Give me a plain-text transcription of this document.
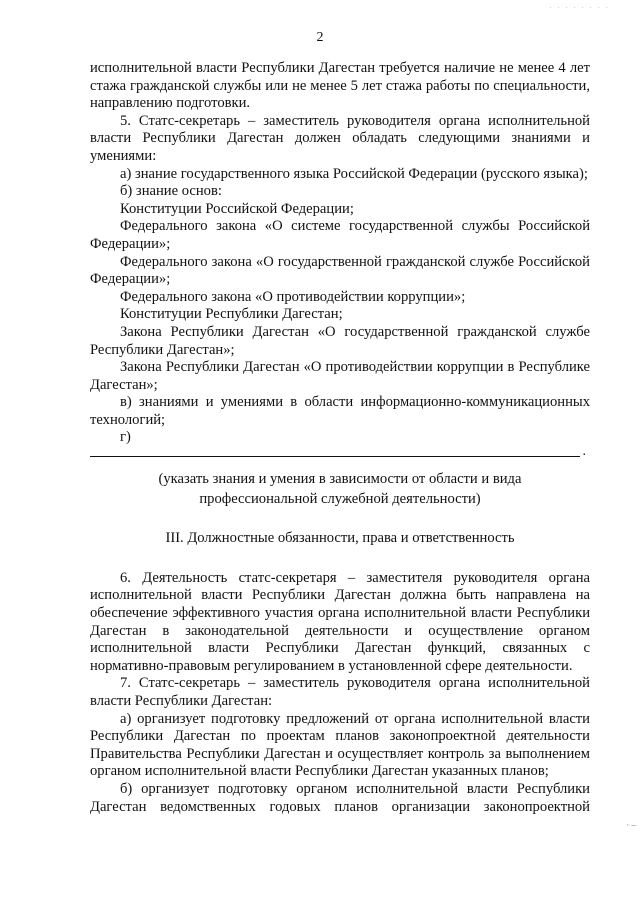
· · · · · · · ·
2

исполнительной власти Республики Дагестан требуется наличие не менее 4 лет стажа гражданской службы или не менее 5 лет стажа работы по специальности, направлению подготовки.

5. Статс-секретарь – заместитель руководителя органа исполнительной власти Республики Дагестан должен обладать следующими знаниями и умениями:

а) знание государственного языка Российской Федерации (русского языка);

б) знание основ:

Конституции Российской Федерации;

Федерального закона «О системе государственной службы Российской Федерации»;

Федерального закона «О государственной гражданской службе Российской Федерации»;

Федерального закона «О противодействии коррупции»;

Конституции Республики Дагестан;

Закона Республики Дагестан «О государственной гражданской службе Республики Дагестан»;

Закона Республики Дагестан «О противодействии коррупции в Республике Дагестан»;

в) знаниями и умениями в области информационно-коммуникационных технологий;

г)

.

(указать знания и умения в зависимости от области и вида

профессиональной служебной деятельности)

III. Должностные обязанности, права и ответственность

6. Деятельность статс-секретаря – заместителя руководителя органа исполнительной власти Республики Дагестан должна быть направлена на обеспечение эффективного участия органа исполнительной власти Республики Дагестан в законодательной деятельности и осуществление органом исполнительной власти Республики Дагестан функций, связанных с нормативно-правовым регулированием в установленной сфере деятельности.

7. Статс-секретарь – заместитель руководителя органа исполнительной власти Республики Дагестан:

а) организует подготовку предложений от органа исполнительной власти Республики Дагестан по проектам планов законопроектной деятельности Правительства Республики Дагестан и осуществляет контроль за выполнением органом исполнительной власти Республики Дагестан указанных планов;

б) организует подготовку органом исполнительной власти Республики Дагестан ведомственных годовых планов организации законопроектной

· –
